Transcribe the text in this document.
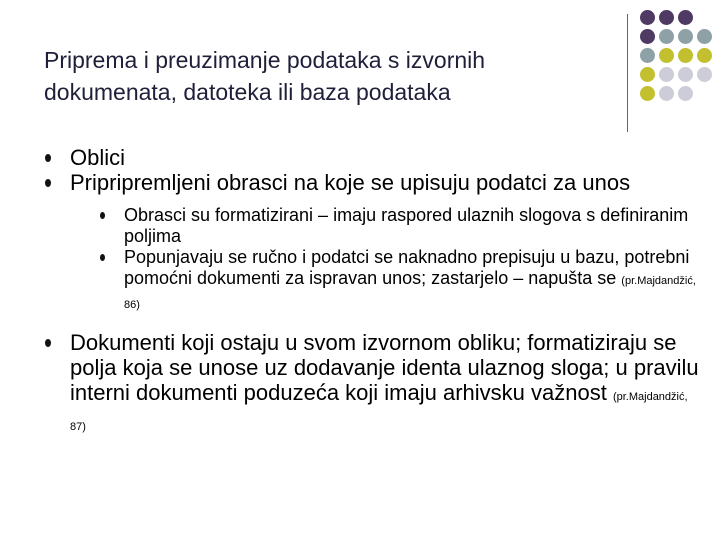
Priprema i preuzimanje podataka s izvornih dokumenata, datoteka ili baza podataka
Oblici
Pripripremljeni obrasci na koje se upisuju podatci za unos
Obrasci su formatizirani – imaju raspored ulaznih slogova s definiranim poljima
Popunjavaju se ručno i podatci se naknadno prepisuju u bazu, potrebni pomoćni dokumenti za ispravan unos; zastarjelo – napušta se (pr.Majdandžić, 86)
Dokumenti koji ostaju u svom izvornom obliku; formatiziraju se polja koja se unose uz dodavanje identa ulaznog sloga; u pravilu interni dokumenti poduzeća koji imaju arhivsku važnost (pr.Majdandžić, 87)
